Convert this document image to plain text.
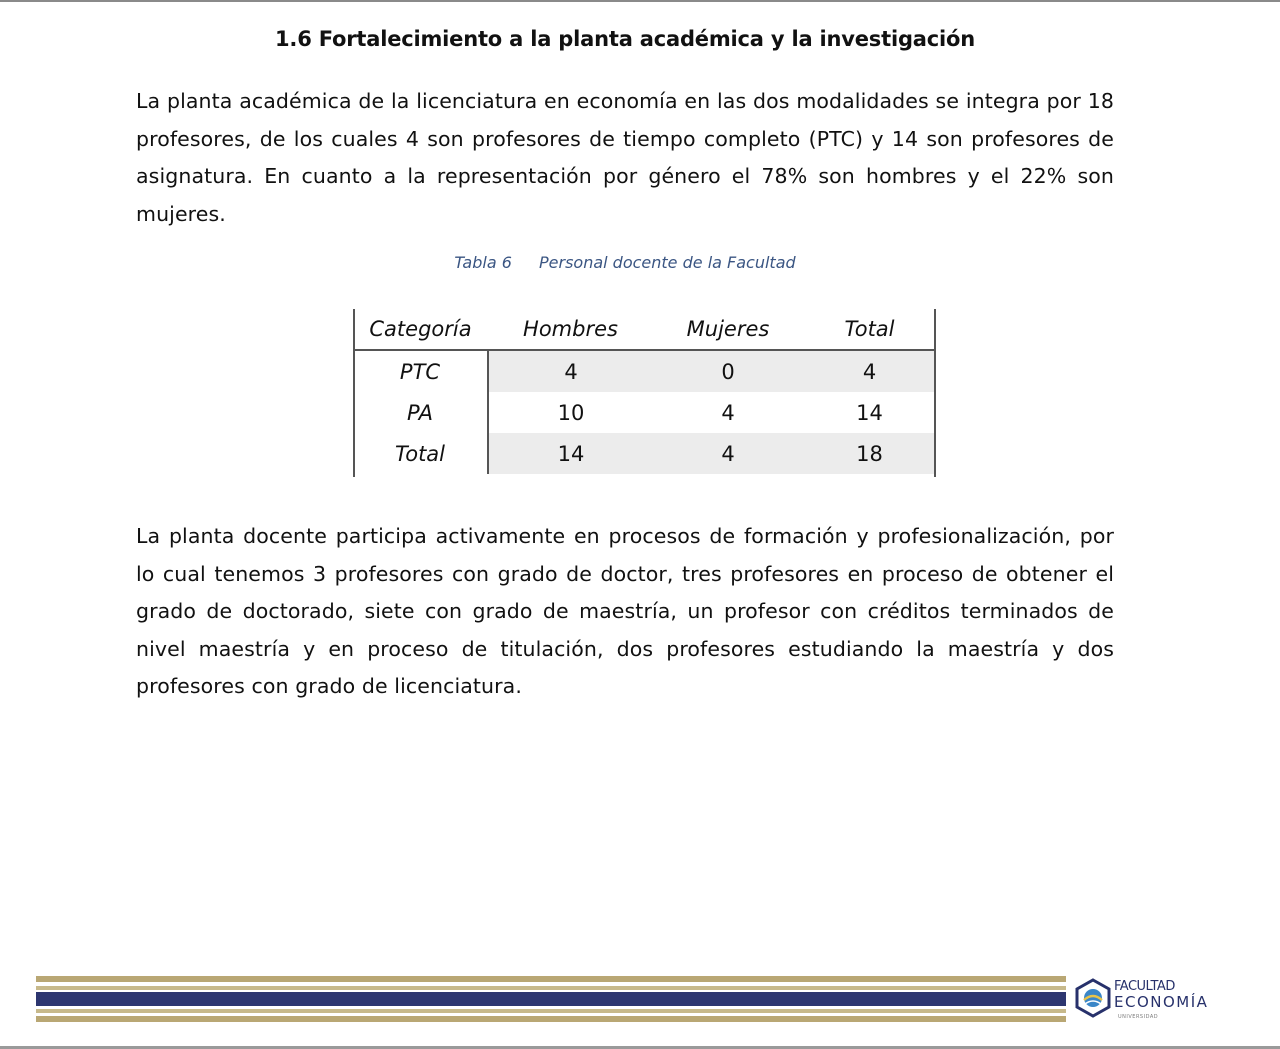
1.6 Fortalecimiento a la planta académica y la investigación

La planta académica de la licenciatura en economía en las dos modalidades se integra por 18 profesores, de los cuales 4 son profesores de tiempo completo (PTC) y 14 son profesores de asignatura. En cuanto a la representación por género el 78% son hombres y el 22% son mujeres.

Tabla 6 Personal docente de la Facultad
Categoría	Hombres	Mujeres	Total
PTC	4	0	4
PA	10	4	14
Total	14	4	18

La planta docente participa activamente en procesos de formación y profesionalización, por lo cual tenemos 3 profesores con grado de doctor, tres profesores en proceso de obtener el grado de doctorado, siete con grado de maestría, un profesor con créditos terminados de nivel maestría y en proceso de titulación, dos profesores estudiando la maestría y dos profesores con grado de licenciatura.

FACULTAD
ECONOMÍA
UNIVERSIDAD
